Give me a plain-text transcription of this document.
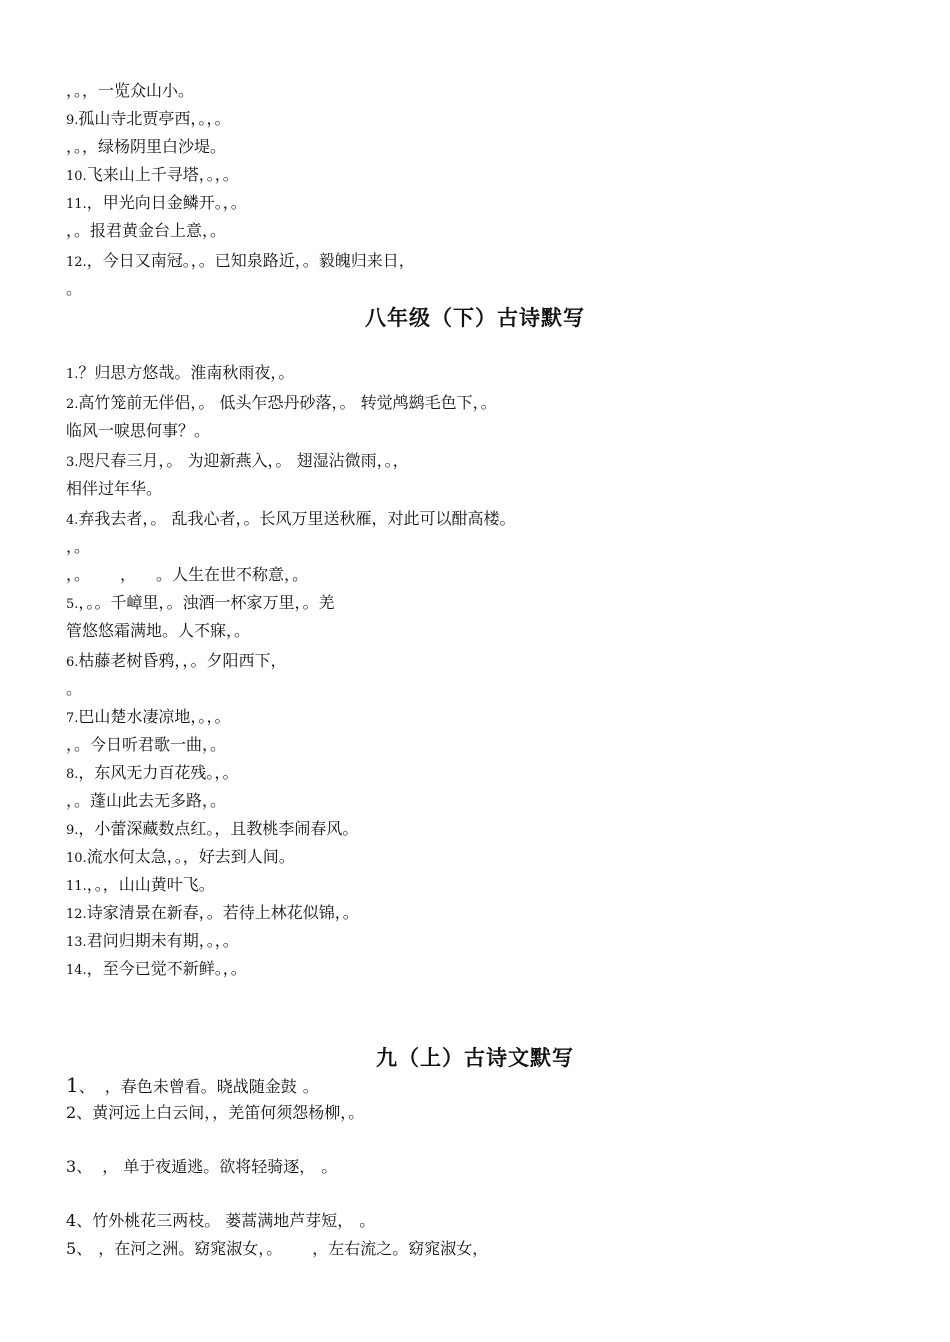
，。，一览众山小。
9.孤山寺北贾亭西，。，。
，。，绿杨阴里白沙堤。
10.飞来山上千寻塔，。，。
11.，甲光向日金鳞开。，。
，。报君黄金台上意，。
12.，今日又南冠。，。已知泉路近，。毅魄归来日，
。
八年级（下）古诗默写
1.？归思方悠哉。淮南秋雨夜，。
2.高竹笼前无伴侣，。 低头乍恐丹砂落，。 转觉鸬鹚毛色下，。
临风一唳思何事？。
3.咫尺春三月，。 为迎新燕入，。 翅湿沾微雨，。，
相伴过年华。
4.弃我去者，。 乱我心者，。长风万里送秋雁，对此可以酣高楼。
，。
，。 ， 。人生在世不称意，。
5.，。。千嶂里，。浊酒一杯家万里，。羌
管悠悠霜满地。人不寐，。
6.枯藤老树昏鸦，，。夕阳西下，
。
7.巴山楚水凄凉地，。，。
，。今日听君歌一曲，。
8.，东风无力百花残。，。
，。蓬山此去无多路，。
9.，小蕾深藏数点红。，且教桃李闹春风。
10.流水何太急，。，好去到人间。
11.，。，山山黄叶飞。
12.诗家清景在新春，。若待上林花似锦，。
13.君问归期未有期，。，。
14.，至今已觉不新鲜。，。
九（上）古诗文默写
1、 ，春色未曾看。晓战随金鼓 。
2、黄河远上白云间，，羌笛何须怨杨柳，。
3、 ， 单于夜遁逃。欲将轻骑逐， 。
4、竹外桃花三两枝。 蒌蒿满地芦芽短， 。
5、 ，在河之洲。窈窕淑女，。 ，左右流之。窈窕淑女，
